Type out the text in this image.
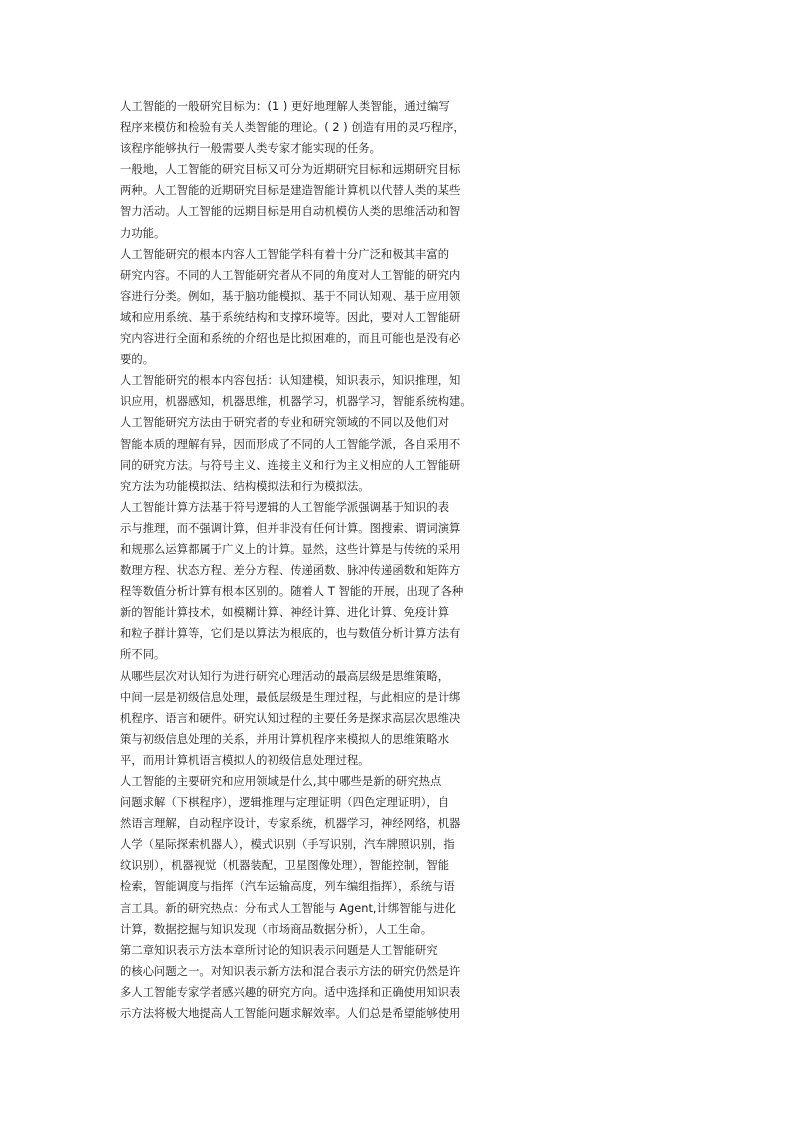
人工智能的一般研究目标为：(1 ) 更好地理解人类智能，通过编写
程序来模仿和检验有关人类智能的理论。( 2 ) 创造有用的灵巧程序，
该程序能够执行一般需要人类专家才能实现的任务。
一般地，人工智能的研究目标又可分为近期研究目标和远期研究目标
两种。人工智能的近期研究目标是建造智能计算机以代替人类的某些
智力活动。人工智能的远期目标是用自动机模仿人类的思维活动和智
力功能。
人工智能研究的根本内容人工智能学科有着十分广泛和极其丰富的
研究内容。不同的人工智能研究者从不同的角度对人工智能的研究内
容进行分类。例如，基于脑功能模拟、基于不同认知观、基于应用领
域和应用系统、基于系统结构和支撑环境等。因此，要对人工智能研
究内容进行全面和系统的介绍也是比拟困难的，而且可能也是没有必
要的。
人工智能研究的根本内容包括：认知建模，知识表示，知识推理，知
识应用，机器感知，机器思维，机器学习，机器学习，智能系统构建。
人工智能研究方法由于研究者的专业和研究领域的不同以及他们对
智能本质的理解有异，因而形成了不同的人工智能学派，各自采用不
同的研究方法。与符号主义、连接主义和行为主义相应的人工智能研
究方法为功能模拟法、结构模拟法和行为模拟法。
人工智能计算方法基于符号逻辑的人工智能学派强调基于知识的表
示与推理，而不强调计算，但并非没有任何计算。图搜索、谓词演算
和规那么运算都属于广义上的计算。显然，这些计算是与传统的采用
数理方程、状态方程、差分方程、传递函数、脉冲传递函数和矩阵方
程等数值分析计算有根本区别的。随着人 T 智能的开展，出现了各种
新的智能计算技术，如模糊计算、神经计算、进化计算、免疫计算
和粒子群计算等，它们是以算法为根底的，也与数值分析计算方法有
所不同。
从哪些层次对认知行为进行研究心理活动的最高层级是思维策略，
中间一层是初级信息处理，最低层级是生理过程，与此相应的是计绑
机程序、语言和硬件。研究认知过程的主要任务是探求高层次思维决
策与初级信息处理的关系，并用计算机程序来模拟人的思维策略水
平，而用计算机语言模拟人的初级信息处理过程。
人工智能的主要研究和应用领域是什么,其中哪些是新的研究热点
问题求解（下棋程序），逻辑推理与定理证明（四色定理证明），自
然语言理解，自动程序设计，专家系统，机器学习，神经网络，机器
人学（星际探索机器人），模式识别（手写识别，汽车牌照识别，指
纹识别），机器视觉（机器装配，卫星图像处理），智能控制，智能
检索，智能调度与指挥（汽车运输高度，列车编组指挥），系统与语
言工具。新的研究热点：分布式人工智能与 Agent,计绑智能与进化
计算，数据挖掘与知识发现（市场商品数据分析），人工生命。
第二章知识表示方法本章所讨论的知识表示问题是人工智能研究
的核心问题之一。对知识表示新方法和混合表示方法的研究仍然是许
多人工智能专家学者感兴趣的研究方向。适中选择和正确使用知识表
示方法将极大地提高人工智能问题求解效率。人们总是希望能够使用
